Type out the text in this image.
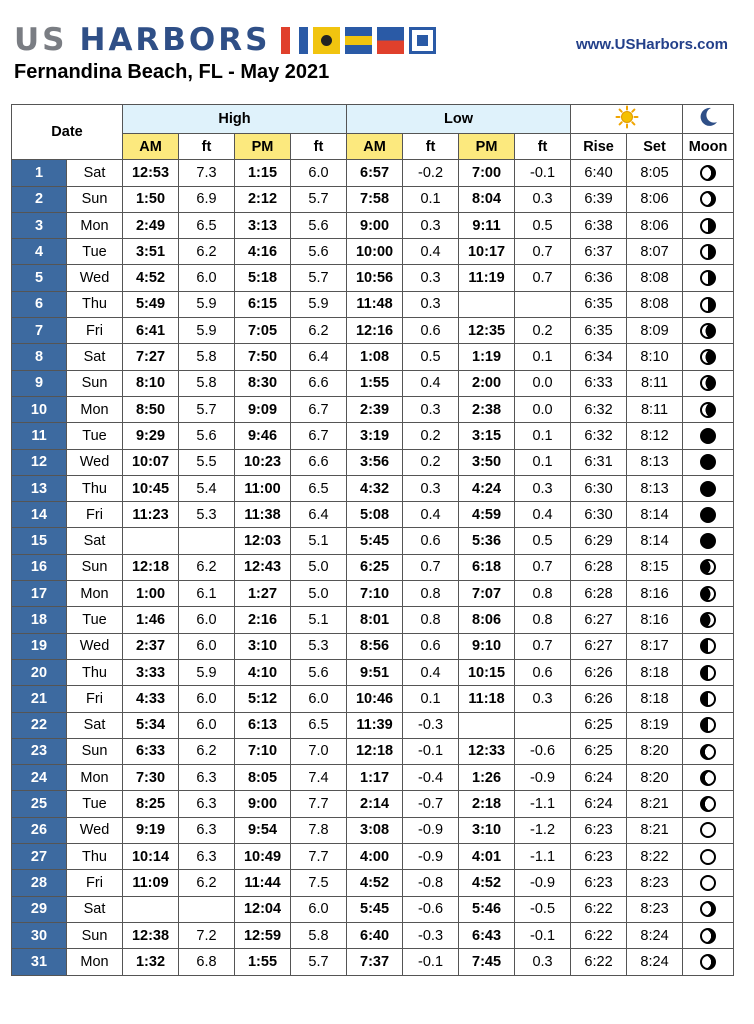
US HARBORS	www.USHarbors.com
Fernandina Beach, FL - May 2021
Date		High				Low		
		AM	ft	PM	ft	AM	ft	PM	ft	Rise	Set	Moon
1	Sat	12:53	7.3	1:15	6.0	6:57	-0.2	7:00	-0.1	6:40	8:05	
2	Sun	1:50	6.9	2:12	5.7	7:58	0.1	8:04	0.3	6:39	8:06	
3	Mon	2:49	6.5	3:13	5.6	9:00	0.3	9:11	0.5	6:38	8:06	
4	Tue	3:51	6.2	4:16	5.6	10:00	0.4	10:17	0.7	6:37	8:07	
5	Wed	4:52	6.0	5:18	5.7	10:56	0.3	11:19	0.7	6:36	8:08	
6	Thu	5:49	5.9	6:15	5.9	11:48	0.3			6:35	8:08	
7	Fri	6:41	5.9	7:05	6.2	12:16	0.6	12:35	0.2	6:35	8:09	
8	Sat	7:27	5.8	7:50	6.4	1:08	0.5	1:19	0.1	6:34	8:10	
9	Sun	8:10	5.8	8:30	6.6	1:55	0.4	2:00	0.0	6:33	8:11	
10	Mon	8:50	5.7	9:09	6.7	2:39	0.3	2:38	0.0	6:32	8:11	
11	Tue	9:29	5.6	9:46	6.7	3:19	0.2	3:15	0.1	6:32	8:12	
12	Wed	10:07	5.5	10:23	6.6	3:56	0.2	3:50	0.1	6:31	8:13	
13	Thu	10:45	5.4	11:00	6.5	4:32	0.3	4:24	0.3	6:30	8:13	
14	Fri	11:23	5.3	11:38	6.4	5:08	0.4	4:59	0.4	6:30	8:14	
15	Sat			12:03	5.1	5:45	0.6	5:36	0.5	6:29	8:14	
16	Sun	12:18	6.2	12:43	5.0	6:25	0.7	6:18	0.7	6:28	8:15	
17	Mon	1:00	6.1	1:27	5.0	7:10	0.8	7:07	0.8	6:28	8:16	
18	Tue	1:46	6.0	2:16	5.1	8:01	0.8	8:06	0.8	6:27	8:16	
19	Wed	2:37	6.0	3:10	5.3	8:56	0.6	9:10	0.7	6:27	8:17	
20	Thu	3:33	5.9	4:10	5.6	9:51	0.4	10:15	0.6	6:26	8:18	
21	Fri	4:33	6.0	5:12	6.0	10:46	0.1	11:18	0.3	6:26	8:18	
22	Sat	5:34	6.0	6:13	6.5	11:39	-0.3			6:25	8:19	
23	Sun	6:33	6.2	7:10	7.0	12:18	-0.1	12:33	-0.6	6:25	8:20	
24	Mon	7:30	6.3	8:05	7.4	1:17	-0.4	1:26	-0.9	6:24	8:20	
25	Tue	8:25	6.3	9:00	7.7	2:14	-0.7	2:18	-1.1	6:24	8:21	
26	Wed	9:19	6.3	9:54	7.8	3:08	-0.9	3:10	-1.2	6:23	8:21	
27	Thu	10:14	6.3	10:49	7.7	4:00	-0.9	4:01	-1.1	6:23	8:22	
28	Fri	11:09	6.2	11:44	7.5	4:52	-0.8	4:52	-0.9	6:23	8:23	
29	Sat			12:04	6.0	5:45	-0.6	5:46	-0.5	6:22	8:23	
30	Sun	12:38	7.2	12:59	5.8	6:40	-0.3	6:43	-0.1	6:22	8:24	
31	Mon	1:32	6.8	1:55	5.7	7:37	-0.1	7:45	0.3	6:22	8:24	
